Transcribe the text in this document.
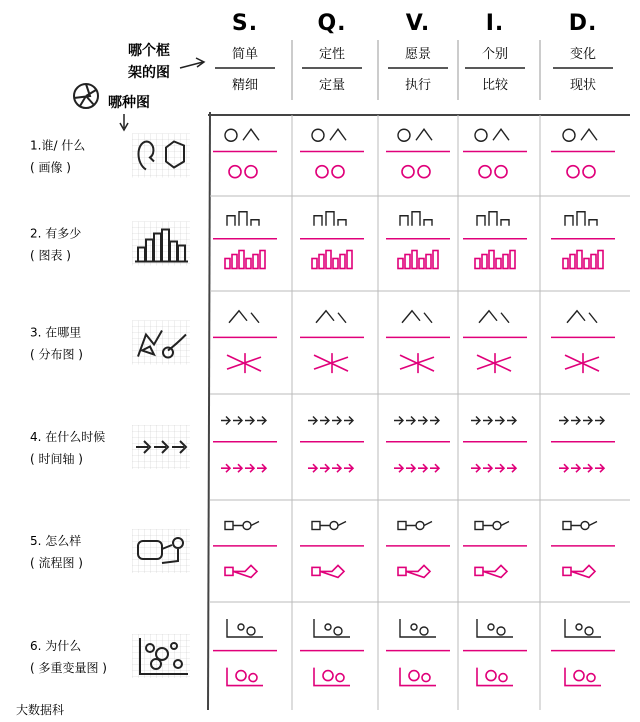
哪个框
架的图
哪种图
S.
简单
精细
Q.
定性
定量
V.
愿景
执行
I.
个别
比较
D.
变化
现状
1.谁/ 什么
( 画像 )
2. 有多少
( 图表 )
3. 在哪里
( 分布图 )
4. 在什么时候
( 时间轴 )
5. 怎么样
( 流程图 )
6. 为什么
( 多重变量图 )
大数据科
